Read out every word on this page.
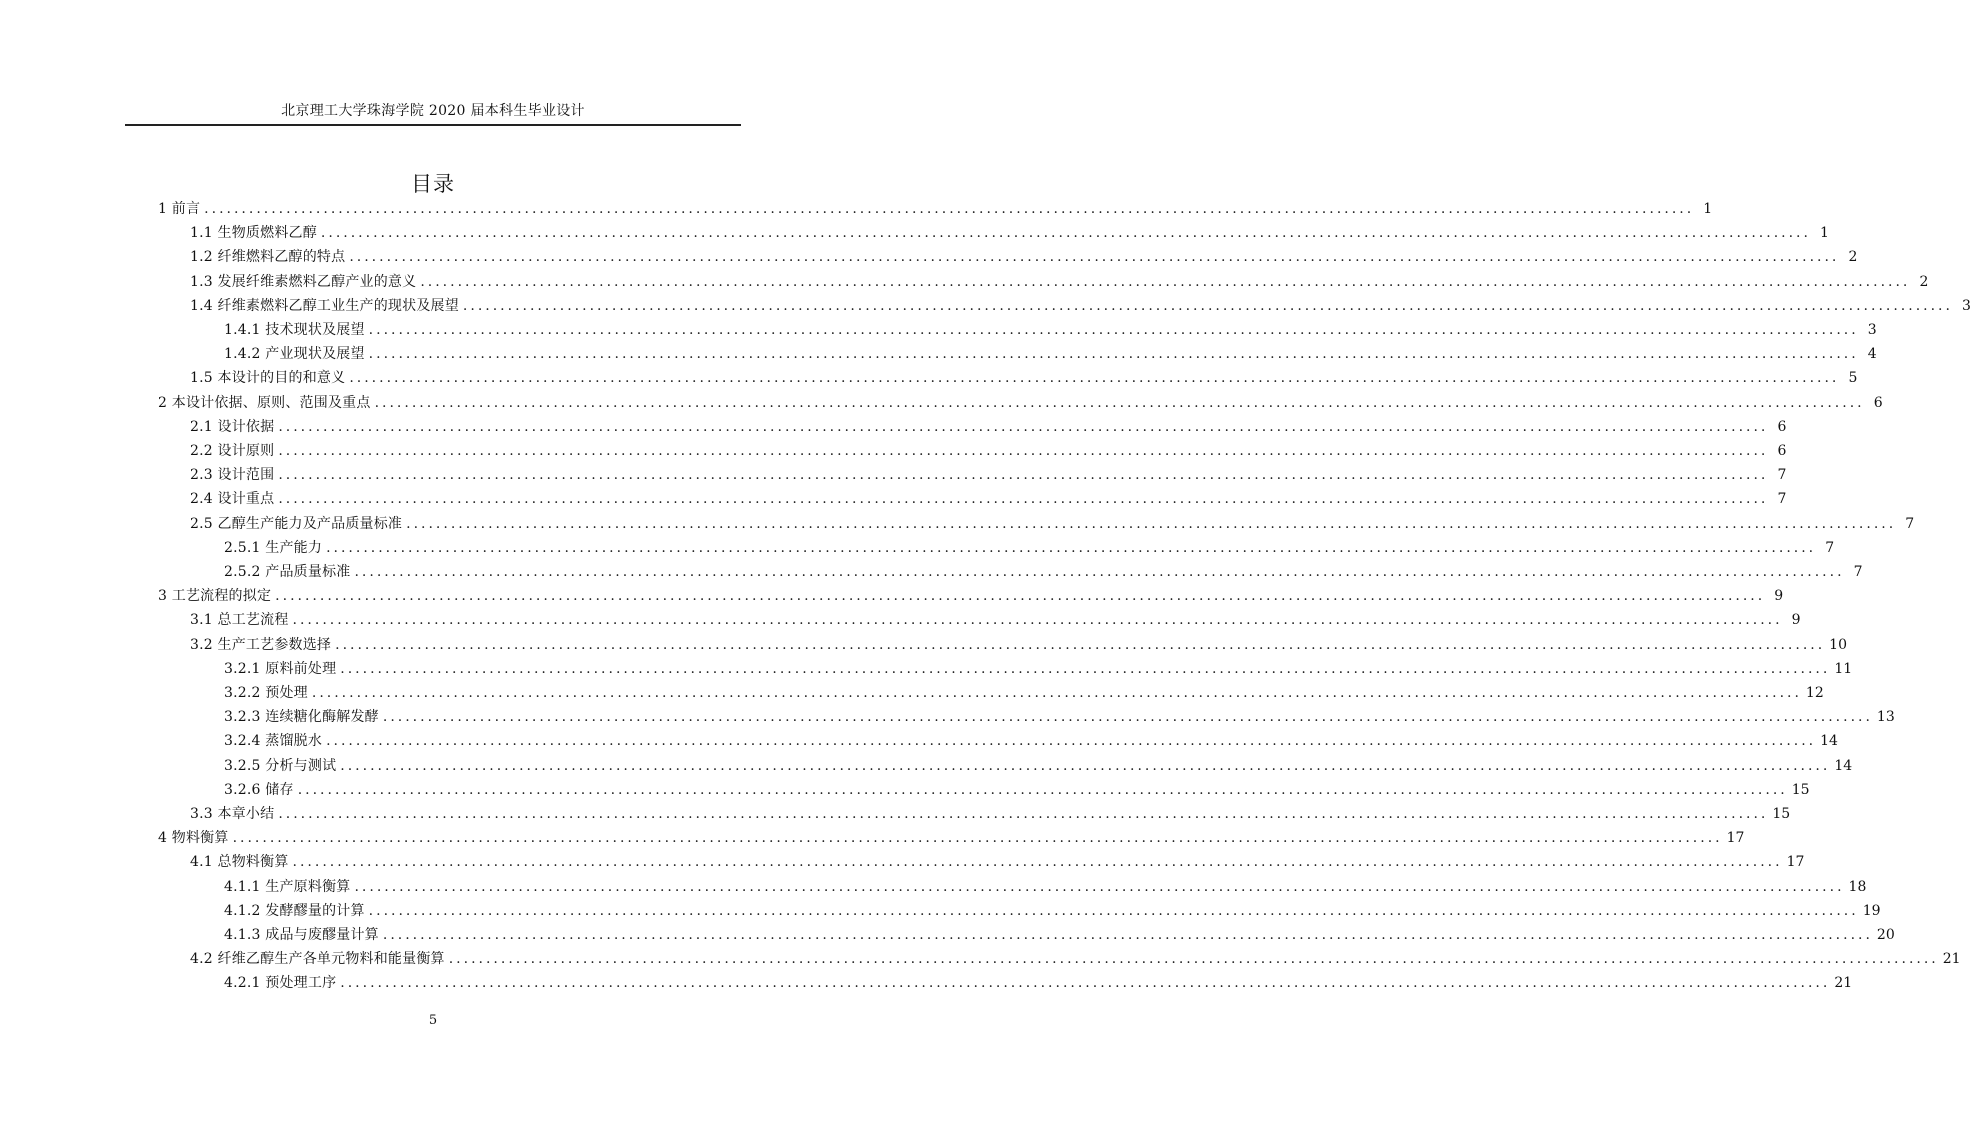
北京理工大学珠海学院 2020 届本科生毕业设计
目录
1 前言 ........................................................................................................................................................................................................ 1
1.1 生物质燃料乙醇 ........................................................................................................................................................................................................ 1
1.2 纤维燃料乙醇的特点 ........................................................................................................................................................................................................ 2
1.3 发展纤维素燃料乙醇产业的意义 ........................................................................................................................................................................................................ 2
1.4 纤维素燃料乙醇工业生产的现状及展望 ........................................................................................................................................................................................................ 3
1.4.1 技术现状及展望 ........................................................................................................................................................................................................ 3
1.4.2 产业现状及展望 ........................................................................................................................................................................................................ 4
1.5 本设计的目的和意义 ........................................................................................................................................................................................................ 5
2 本设计依据、原则、范围及重点 ........................................................................................................................................................................................................ 6
2.1 设计依据 ........................................................................................................................................................................................................ 6
2.2 设计原则 ........................................................................................................................................................................................................ 6
2.3 设计范围 ........................................................................................................................................................................................................ 7
2.4 设计重点 ........................................................................................................................................................................................................ 7
2.5 乙醇生产能力及产品质量标准 ........................................................................................................................................................................................................ 7
2.5.1 生产能力 ........................................................................................................................................................................................................ 7
2.5.2 产品质量标准 ........................................................................................................................................................................................................ 7
3 工艺流程的拟定 ........................................................................................................................................................................................................ 9
3.1 总工艺流程 ........................................................................................................................................................................................................ 9
3.2 生产工艺参数选择 ........................................................................................................................................................................................................ 10
3.2.1 原料前处理 ........................................................................................................................................................................................................ 11
3.2.2 预处理 ........................................................................................................................................................................................................ 12
3.2.3 连续糖化酶解发酵 ........................................................................................................................................................................................................ 13
3.2.4 蒸馏脱水 ........................................................................................................................................................................................................ 14
3.2.5 分析与测试 ........................................................................................................................................................................................................ 14
3.2.6 储存 ........................................................................................................................................................................................................ 15
3.3 本章小结 ........................................................................................................................................................................................................ 15
4 物料衡算 ........................................................................................................................................................................................................ 17
4.1 总物料衡算 ........................................................................................................................................................................................................ 17
4.1.1 生产原料衡算 ........................................................................................................................................................................................................ 18
4.1.2 发酵醪量的计算 ........................................................................................................................................................................................................ 19
4.1.3 成品与废醪量计算 ........................................................................................................................................................................................................ 20
4.2 纤维乙醇生产各单元物料和能量衡算 ........................................................................................................................................................................................................ 21
4.2.1 预处理工序 ........................................................................................................................................................................................................ 21
5
